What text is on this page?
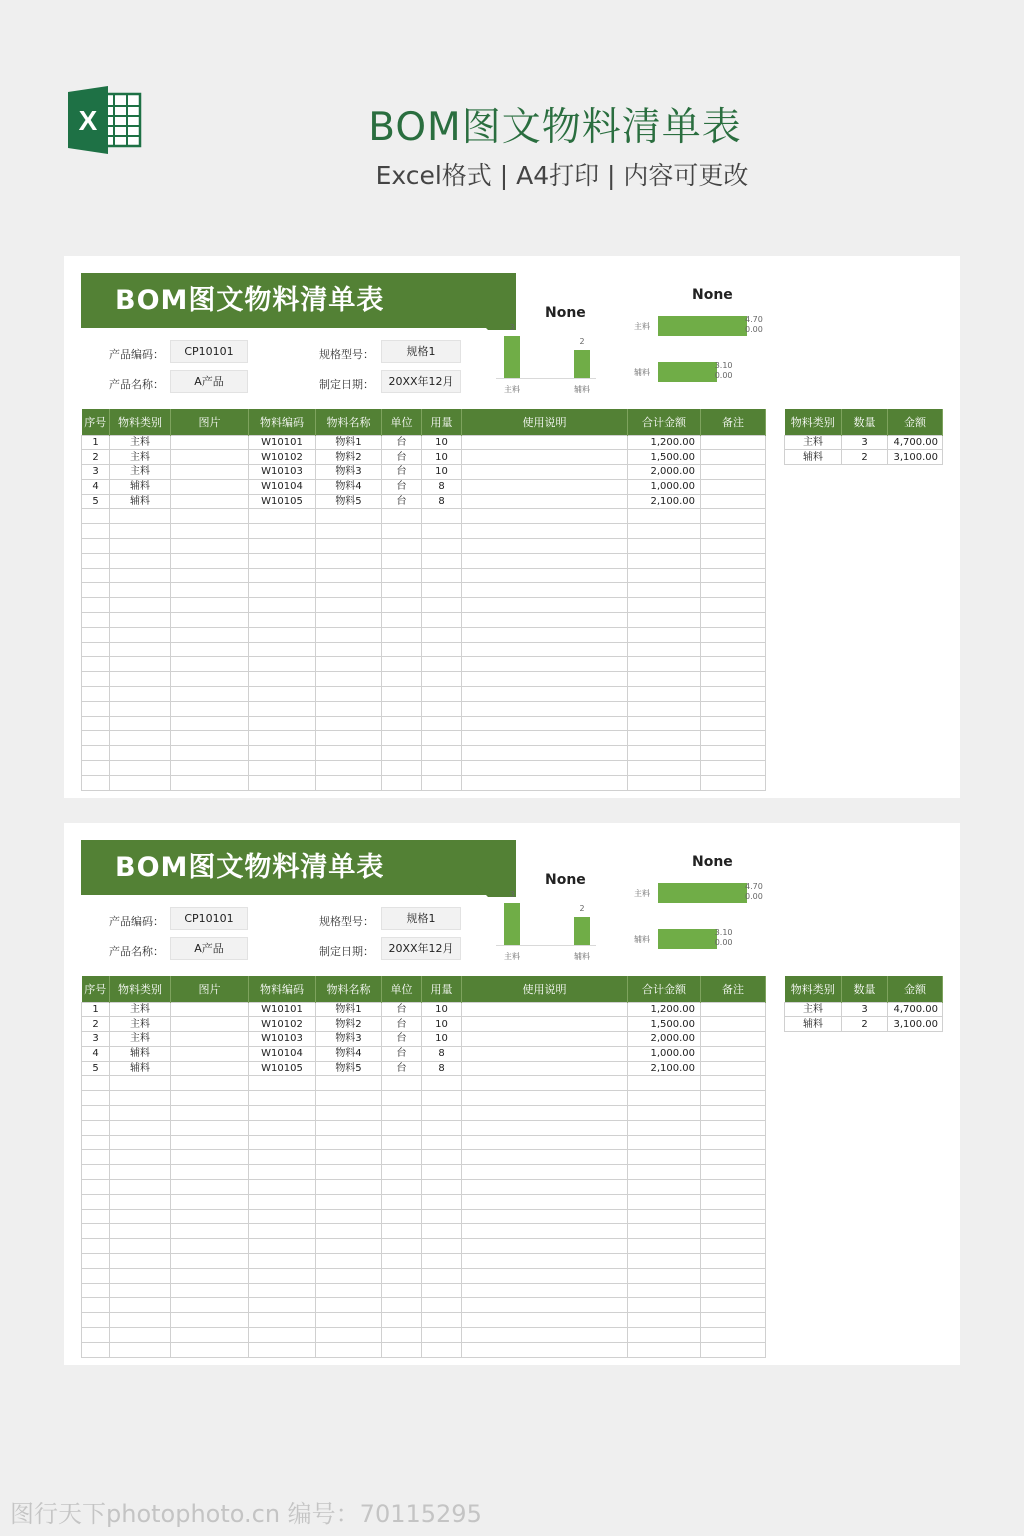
X	BOM图文物料清单表
Excel格式 | A4打印 | 内容可更改
BOM图文物料清单表
产品编码：	CP10101
产品名称：	A产品
规格型号：	规格1
制定日期：	20XX年12月
None
3
主料
2
辅料
None
主料
4.70
0.00
辅料
3.10
0.00
序号	物料类别	图片	物料编码	物料名称	单位	用量	使用说明	合计金额	备注
1	主料		W10101	物料1	台	10		1,200.00	
2	主料		W10102	物料2	台	10		1,500.00	
3	主料		W10103	物料3	台	10		2,000.00	
4	辅料		W10104	物料4	台	8		1,000.00	
5	辅料		W10105	物料5	台	8		2,100.00	

物料类别	数量	金额
主料	3	4,700.00
辅料	2	3,100.00
BOM图文物料清单表
产品编码：	CP10101
产品名称：	A产品
规格型号：	规格1
制定日期：	20XX年12月
None
3
主料
2
辅料
None
主料
4.70
0.00
辅料
3.10
0.00
序号	物料类别	图片	物料编码	物料名称	单位	用量	使用说明	合计金额	备注
1	主料		W10101	物料1	台	10		1,200.00	
2	主料		W10102	物料2	台	10		1,500.00	
3	主料		W10103	物料3	台	10		2,000.00	
4	辅料		W10104	物料4	台	8		1,000.00	
5	辅料		W10105	物料5	台	8		2,100.00	

物料类别	数量	金额
主料	3	4,700.00
辅料	2	3,100.00
图行天下photophoto.cn 编号：70115295
